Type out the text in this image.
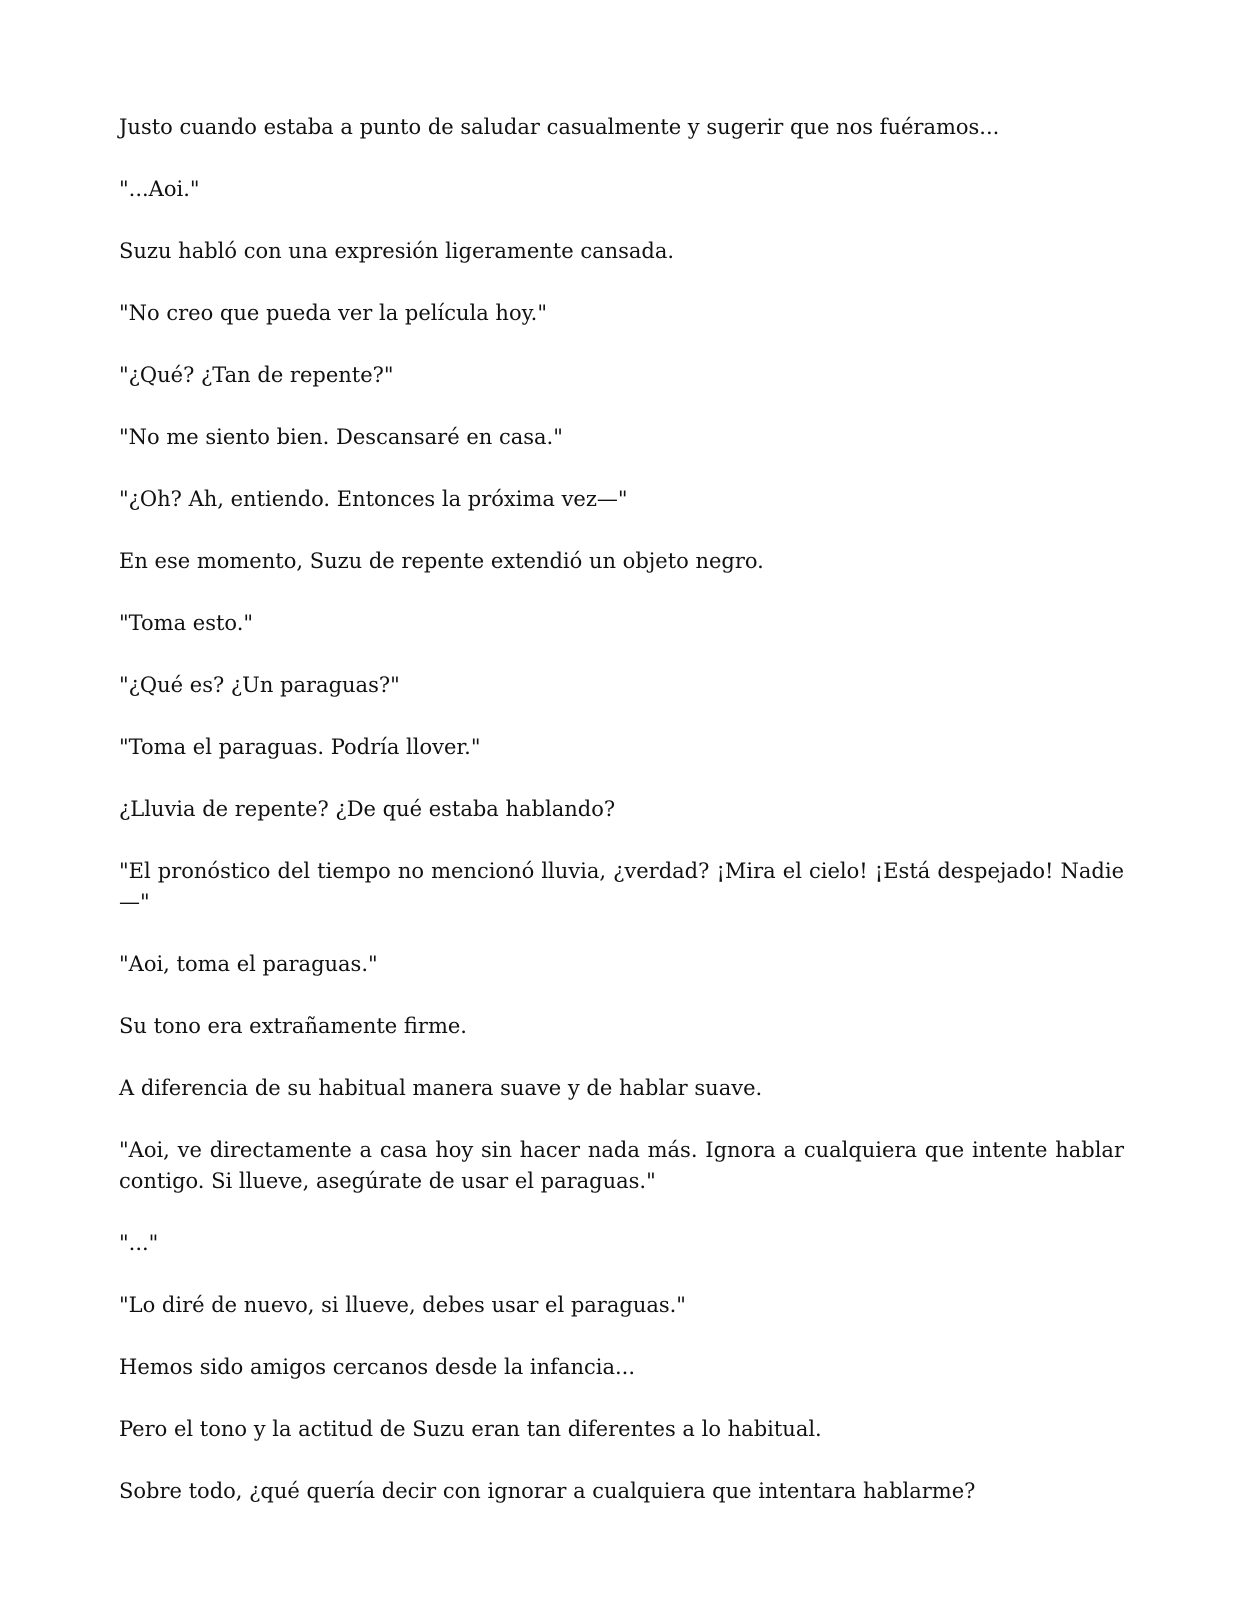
Justo cuando estaba a punto de saludar casualmente y sugerir que nos fuéramos...

"...Aoi."

Suzu habló con una expresión ligeramente cansada.

"No creo que pueda ver la película hoy."

"¿Qué? ¿Tan de repente?"

"No me siento bien. Descansaré en casa."

"¿Oh? Ah, entiendo. Entonces la próxima vez—"

En ese momento, Suzu de repente extendió un objeto negro.

"Toma esto."

"¿Qué es? ¿Un paraguas?"

"Toma el paraguas. Podría llover."

¿Lluvia de repente? ¿De qué estaba hablando?

"El pronóstico del tiempo no mencionó lluvia, ¿verdad? ¡Mira el cielo! ¡Está despejado! Nadie—"

"Aoi, toma el paraguas."

Su tono era extrañamente firme.

A diferencia de su habitual manera suave y de hablar suave.

"Aoi, ve directamente a casa hoy sin hacer nada más. Ignora a cualquiera que intente hablar contigo. Si llueve, asegúrate de usar el paraguas."

"..."

"Lo diré de nuevo, si llueve, debes usar el paraguas."

Hemos sido amigos cercanos desde la infancia...

Pero el tono y la actitud de Suzu eran tan diferentes a lo habitual.

Sobre todo, ¿qué quería decir con ignorar a cualquiera que intentara hablarme?
